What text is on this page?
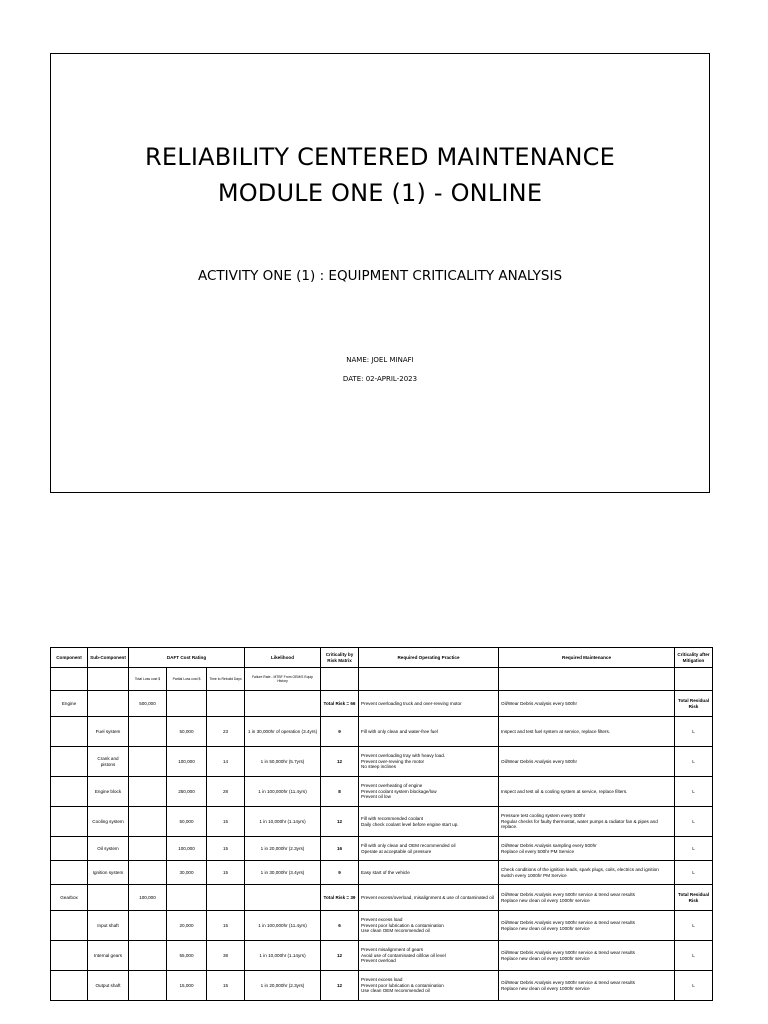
RELIABILITY CENTERED MAINTENANCE
MODULE ONE (1) - ONLINE
ACTIVITY ONE (1) : EQUIPMENT CRITICALITY ANALYSIS
NAME: JOEL MINAFI
DATE: 02-APRIL-2023
Component	Sub-Component	DAFT Cost Rating			Likelihood	Criticality by Risk Matrix	Required Operating Practice	Required Maintenance	Criticality after Mitigation
		Total Loss cost $	Partial Loss cost $	Time to Rebuild Days	Failure Rate - MTBF From OEM/S Equip History				
Engine		500,000				Total Risk = 66	Prevent overloading truck and over-revving motor	Oil/Wear Debris Analysis every 500hr	Total Residual Risk
	Fuel system		50,000	23	1 in 30,000hr of operation (3.4yrs)	9	Fill with only clean and water-free fuel	Inspect and test fuel system at service, replace filters.	L
	Crank and pistons		100,000	14	1 in 50,000hr (5.7yrs)	12	Prevent overloading tray with heavy load.
Prevent over-revving the motor
No steep inclines	Oil/Wear Debris Analysis every 500hr	L
	Engine block		250,000	28	1 in 100,000hr (11.4yrs)	8	Prevent overheating of engine
Prevent coolant system blockage/low
Prevent oil low	Inspect and test oil & cooling system at service, replace filters.	L
	Cooling system		50,000	15	1 in 10,000hr (1.14yrs)	12	Fill with recommended coolant
Daily check coolant level before engine start up.	Pressure test cooling system every 500hr
Regular checks for faulty thermostat, water pumps & radiator fan & pipes and replace.	L
	Oil system		100,000	15	1 in 20,000hr (2.3yrs)	16	Fill with only clean and OEM recommended oil
Operate at acceptable oil pressure	Oil/Wear Debris Analysis sampling every 500hr
Replace oil every 500hr PM Service	L
	Ignition system		30,000	15	1 in 30,000hr (3.4yrs)	9	Easy start of the vehicle	Check conditions of the ignition leads, spark plugs, coils, electrics and ignition switch every 1000hr PM Service	L
Gearbox		100,000				Total Risk = 39	Prevent excess/overload, misalignment & use of contaminated oil	Oil/Wear Debris Analysis every 500hr service & trend wear results
Replace new clean oil every 1000hr service	Total Residual Risk
	Input shaft		20,000	15	1 in 100,000hr (11.4yrs)	6	Prevent excess load
Prevent poor lubrication & contamination
Use clean OEM recommended oil	Oil/Wear Debris Analysis every 500hr service & trend wear results
Replace new clean oil every 1000hr service	L
	Internal gears		55,000	38	1 in 10,000hr (1.14yrs)	12	Prevent misalignment of gears
Avoid use of contaminated oil/low oil level
Prevent overload	Oil/Wear Debris Analysis every 500hr service & trend wear results
Replace new clean oil every 1000hr service	L
	Output shaft		15,000	15	1 in 20,000hr (2.3yrs)	12	Prevent excess load
Prevent poor lubrication & contamination
Use clean OEM recommended oil	Oil/Wear Debris Analysis every 500hr service & trend wear results
Replace new clean oil every 1000hr service	L
